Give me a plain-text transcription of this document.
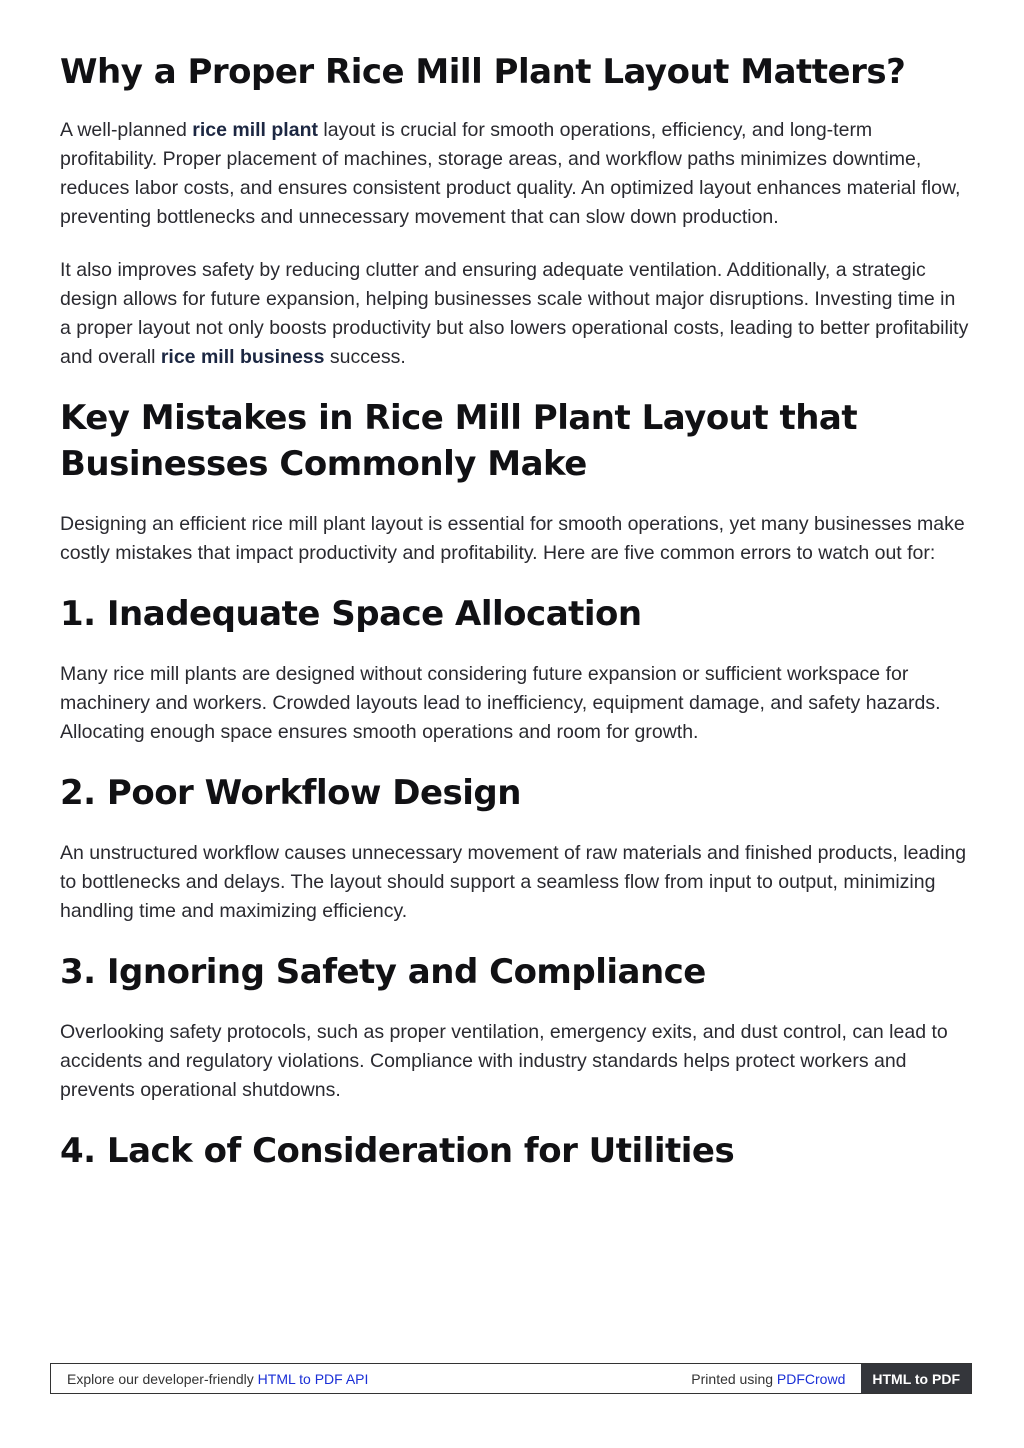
Why a Proper Rice Mill Plant Layout Matters?

A well-planned rice mill plant layout is crucial for smooth operations, efficiency, and long-term profitability. Proper placement of machines, storage areas, and workflow paths minimizes downtime, reduces labor costs, and ensures consistent product quality. An optimized layout enhances material flow, preventing bottlenecks and unnecessary movement that can slow down production.

It also improves safety by reducing clutter and ensuring adequate ventilation. Additionally, a strategic design allows for future expansion, helping businesses scale without major disruptions. Investing time in a proper layout not only boosts productivity but also lowers operational costs, leading to better profitability and overall rice mill business success.

Key Mistakes in Rice Mill Plant Layout that Businesses Commonly Make

Designing an efficient rice mill plant layout is essential for smooth operations, yet many businesses make costly mistakes that impact productivity and profitability. Here are five common errors to watch out for:

1. Inadequate Space Allocation

Many rice mill plants are designed without considering future expansion or sufficient workspace for machinery and workers. Crowded layouts lead to inefficiency, equipment damage, and safety hazards. Allocating enough space ensures smooth operations and room for growth.

2. Poor Workflow Design

An unstructured workflow causes unnecessary movement of raw materials and finished products, leading to bottlenecks and delays. The layout should support a seamless flow from input to output, minimizing handling time and maximizing efficiency.

3. Ignoring Safety and Compliance

Overlooking safety protocols, such as proper ventilation, emergency exits, and dust control, can lead to accidents and regulatory violations. Compliance with industry standards helps protect workers and prevents operational shutdowns.

4. Lack of Consideration for Utilities
Explore our developer-friendly HTML to PDF API	Printed using PDFCrowd	HTML to PDF
